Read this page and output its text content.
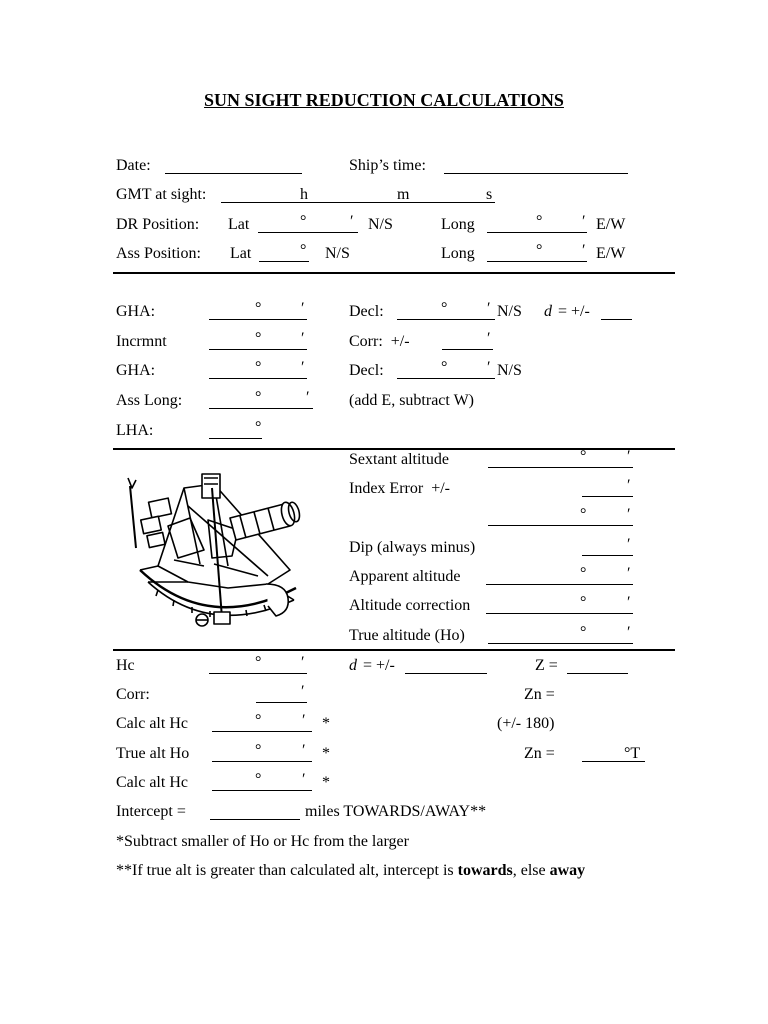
SUN SIGHT REDUCTION CALCULATIONS
Date:	Ship’s time:
GMT at sight:	h	m	s
DR Position: Lat	°	′ N/S	Long	° ′ E/W
Ass Position: Lat	° N/S	Long	° ′ E/W
GHA:	° ′	Decl:	° ′ N/S d = +/-
Incrmnt	° ′	Corr:  +/-	′
GHA:	° ′	Decl:	° ′ N/S
Ass Long:	°	′ (add E, subtract W)
LHA:	°
Sextant altitude	°	′
Index Error  +/-	′
°	′
Dip (always minus)	′
Apparent altitude	°	′
Altitude correction	°	′
True altitude (Ho)	°	′
Hc	° ′	d = +/-	Z =
Corr:	′	Zn =
Calc alt Hc	°	′ *	(+/- 180)
True alt Ho	°	′ *	Zn =	°T
Calc alt Hc	°	′ *
Intercept =	miles TOWARDS/AWAY**
*Subtract smaller of Ho or Hc from the larger
**If true alt is greater than calculated alt, intercept is towards, else away
